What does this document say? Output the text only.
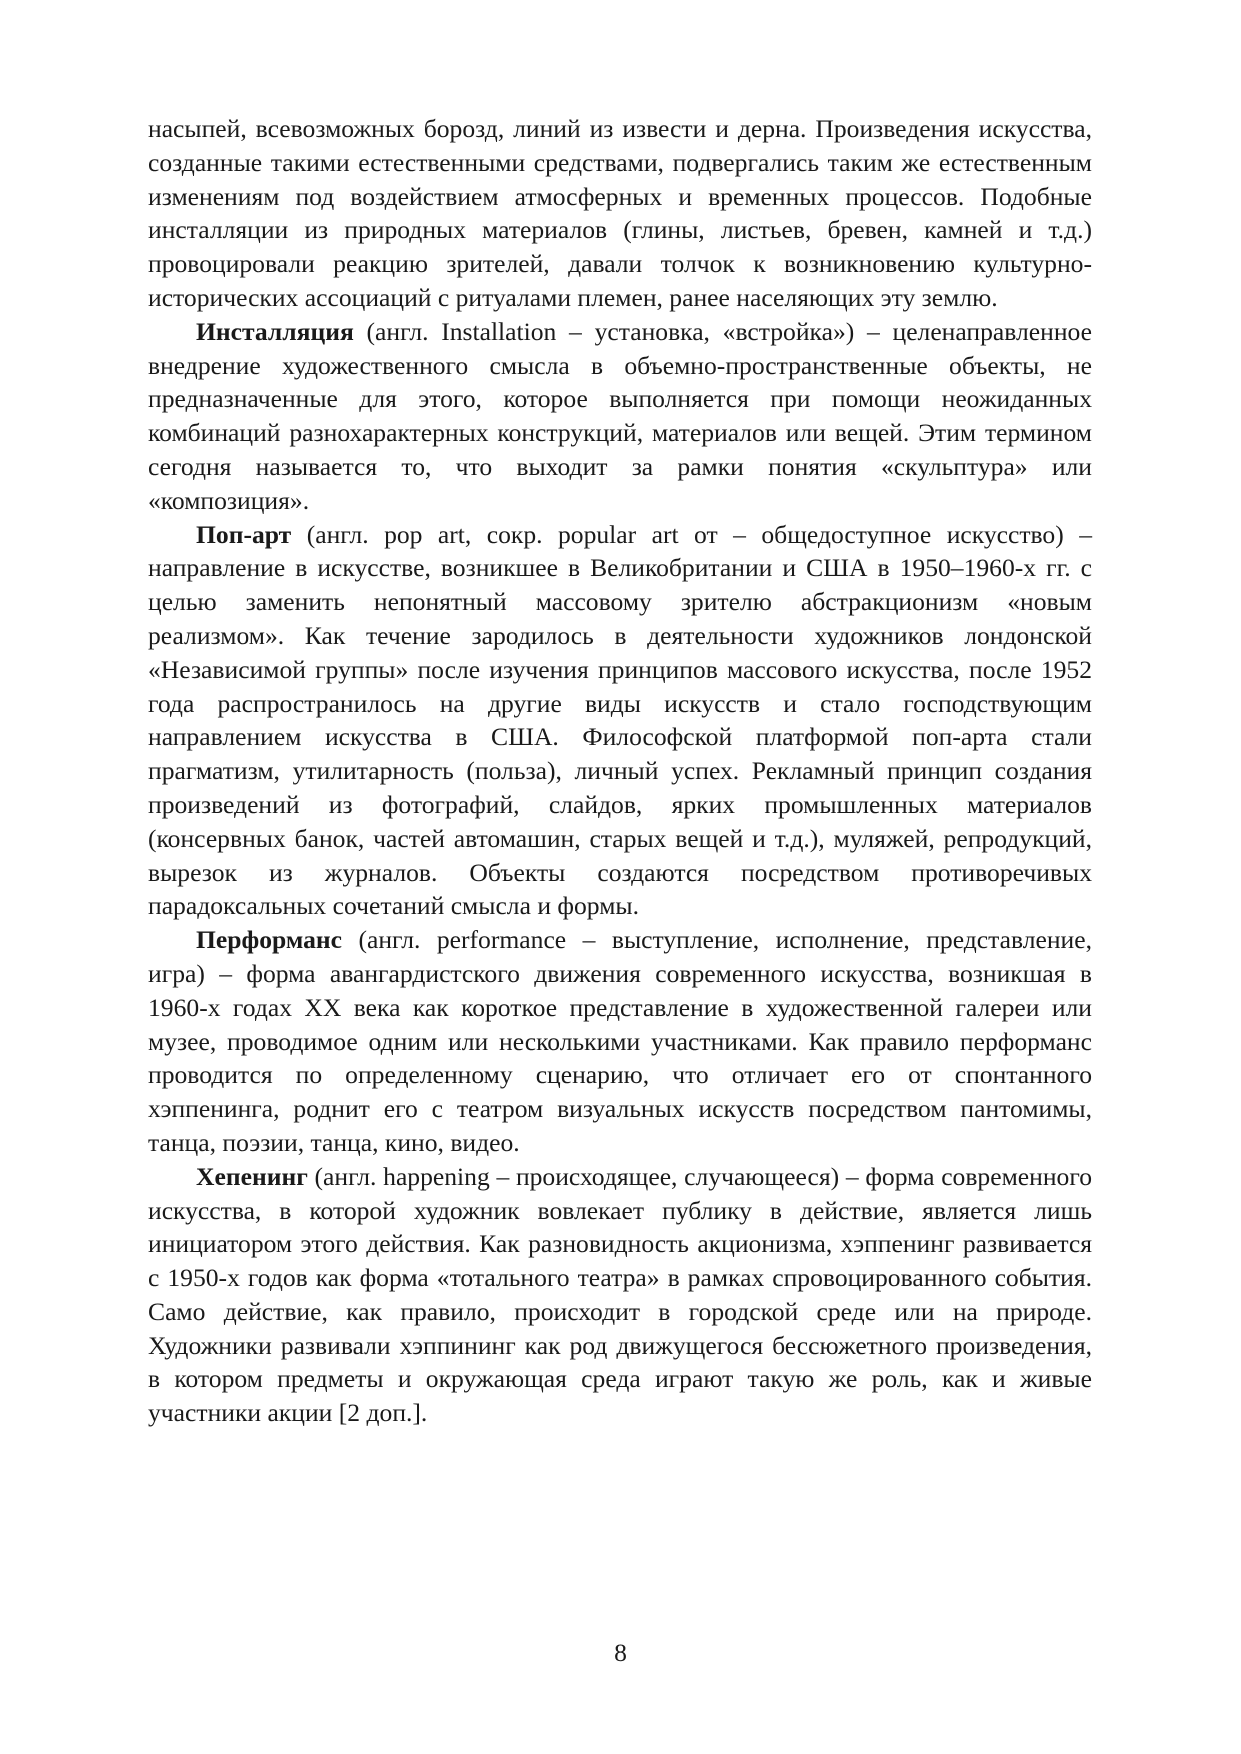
насыпей, всевозможных борозд, линий из извести и дерна. Произведения искусства, созданные такими естественными средствами, подвергались таким же естественным изменениям под воздействием атмосферных и временных процессов. Подобные инсталляции из природных материалов (глины, листьев, бревен, камней и т.д.) провоцировали реакцию зрителей, давали толчок к возникновению культурно-исторических ассоциаций с ритуалами племен, ранее населяющих эту землю.

Инсталляция (англ. Installation – установка, «встройка») – целенаправленное внедрение художественного смысла в объемно-пространственные объекты, не предназначенные для этого, которое выполняется при помощи неожиданных комбинаций разнохарактерных конструкций, материалов или вещей. Этим термином сегодня называется то, что выходит за рамки понятия «скульптура» или «композиция».

Поп-арт (англ. pop art, сокр. popular art от – общедоступное искусство) – направление в искусстве, возникшее в Великобритании и США в 1950–1960-х гг. с целью заменить непонятный массовому зрителю абстракционизм «новым реализмом». Как течение зародилось в деятельности художников лондонской «Независимой группы» после изучения принципов массового искусства, после 1952 года распространилось на другие виды искусств и стало господствующим направлением искусства в США. Философской платформой поп-арта стали прагматизм, утилитарность (польза), личный успех. Рекламный принцип создания произведений из фотографий, слайдов, ярких промышленных материалов (консервных банок, частей автомашин, старых вещей и т.д.), муляжей, репродукций, вырезок из журналов. Объекты создаются посредством противоречивых парадоксальных сочетаний смысла и формы.

Перформанс (англ. performance – выступление, исполнение, представление, игра) – форма авангардистского движения современного искусства, возникшая в 1960-х годах XX века как короткое представление в художественной галереи или музее, проводимое одним или несколькими участниками. Как правило перформанс проводится по определенному сценарию, что отличает его от спонтанного хэппенинга, роднит его с театром визуальных искусств посредством пантомимы, танца, поэзии, танца, кино, видео.

Хепенинг (англ. happening – происходящее, случающееся) – форма современного искусства, в которой художник вовлекает публику в действие, является лишь инициатором этого действия. Как разновидность акционизма, хэппенинг развивается с 1950-х годов как форма «тотального театра» в рамках спровоцированного события. Само действие, как правило, происходит в городской среде или на природе. Художники развивали хэппининг как род движущегося бессюжетного произведения, в котором предметы и окружающая среда играют такую же роль, как и живые участники акции [2 доп.].

8
